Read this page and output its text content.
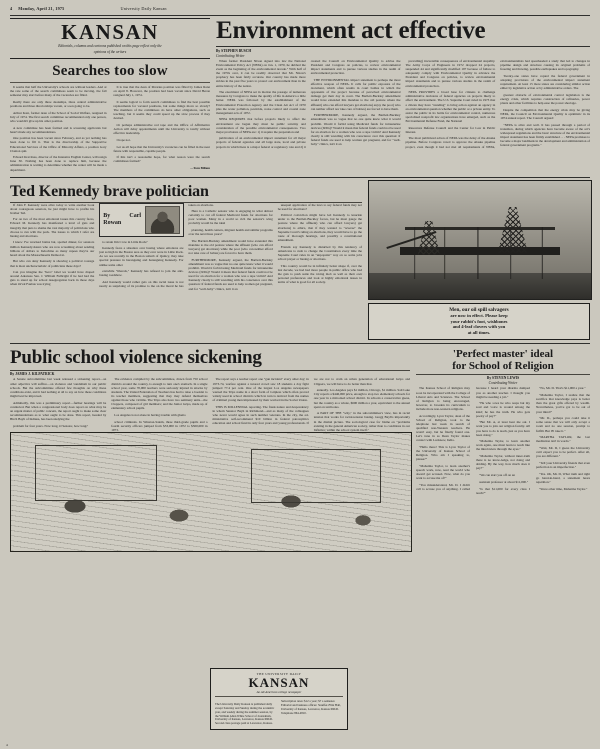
4 Monday, April 21, 1975	University Daily Kansan
KANSAN
Editorials, columns and cartoons published on this page reflect only the
opinions of the writers
Searches too slow

It seems that half the University's schools are without leaders. And at the rate some of the search committees seem to be moving, the fall semester may start before many of the vacancies are filled.

Really there are only three deanships, three central administrative positions and three directorships vacant, or soon going to be.

Arthur Katz, former dean of the School of Social Welfare, resigned in July of 1974. The first search committee recommended only one person, who wouldn't give up his other position.

A new committee has been formed and is screening applicants but hasn't made any recommendations.

One position has been vacant since February, and as yet nothing has been done to fill it. That is the directorship of the Supportive Educational Services of the Office of Minority Affairs, a position Gary Clanton quit.

Edward Kravitsas, director of the Intensive English Center, will resign June 30. Nothing has been done to replace him, because the administration is waiting to determine whether the center will be made a department.

It is true that the dean of libraries position was filled by James Ranz on April 8. However, the position had been vacant since David Heron resigned July 1, 1974.

It seems logical to form search committees to find the best possible replacements for vacated positions, but some things move so slowly? The members of the committees do have other obligations, such as teaching, but it seems they could speed up the slow process if they desired.

Or perhaps administrative red tape and the Office of Affirmative Action will delay appointments until the University is totally without effective leadership.

I hope not.

Let us all hope that the University's vacancies can be filled in the near future with responsible, capable people.

If this isn't a reasonable hope, for what reason were the search committees formed?

—Tom Billam

Environment act effective
By STEPHEN BUSCH
Contributing Writer

When former President Nixon signed into law the National Environmental Policy Act (NEPA) on Jan. 1, 1970, he dubbed the event as the beginning of the environmental decade." With half of the 1970s over, it can be readily observed that Mr. Nixon's prophecy has been fairly accurate. Our country has made more strides in the past five years to protect our environment than in the entire history of the nation.

The enactment of NEPA set in motion the passage of numerous measures by Congress to make the quality of life in America a little better. NEPA was followed by the establishment of the Environmental Protection Agency and the Clean Air Act of 1970 plus the water pollution, pesticide, noise control and coastal zone management acts of 1972.

NEPA REQUIRES that before projects likely to affect the environment are begun they must be public scrutiny and consideration of the possible environmental consequences. Two major provisions of NEPA are: 1) it require the preparation and

publication of an environmental impact statement for all major projects of federal agencies and all large state, local and private projects in which there is a major federal or regulatory role and 2) it created the Council on Environmental Quality to advise the President and Congress on policies, to review environmental impact statements and to pursue various studies in the realm of environmental protection.

THE ENVIRONMENTAL impact statement is perhaps the most effective weapon of NEPA. It calls for public exposure of the document, which often results in court battles in which the opponents of the project because of perceived environmental damage get their day in court. The Bartlett-Buckley amendment would have extended this mandate to the old posture where the affluent) who can afford lawyers get abortions) enjoy the poor) who can neither afford nor take care of babies) are forced to have them.

FURTHERMORE, Kennedy argued, the Bartlett-Buckley amendment was so vague that no one quite knew what it would prohibit. Would it forbid using Medicaid funds for intrauterine devices (IUDs)? Would it mean that federal funds could not be used for an abortion for a woman who was a rape victim? And Kennedy clearly is still wrestling with his conscience over this question: if federal funds are used to help women get pregnant, and for "well-baby" clinics, isn't it an

prevailing) irreversible consequences of environmental stupidity. The Army Corps of Engineers in 1972 dropped 24 projects, suspended 44 and significantly modified 197 because of failure to adequately comply with Environmental Quality in advance the President and Congress on policies, to review environmental impact statements and to pursue various studies in the realm of environmental protection.

NEPA PROVIDES a broad base for citizens to challenge administrative decisions of federal agencies on projects likely to affect the environment. The U.S. Supreme Court ruled in 1973 that a citizen may have "standing" to bring action against an agency in an environmental question whether the public or a private entity. To assist the public in its battle for environmental control, numerous specialized nonprofit law organizations have emerged, such as the Environmental Defense Fund, the National

Resources Defense Council and the Center for Law in Public Interest.

The most publicized action of NEPA was the delay of the Alaska pipeline. Before Congress voted to approve the Alaska pipeline project, even though it had not met all requirements of NEPA, environmentalists had spearheaded a study that led to changes in pipeline design and structure causing its original problems of freezing and thawing, possible earthquakes and topography.

Twenty-one states have copied the federal government in adopting provisions of the environmental impact statement requirement. At least 15 more states are considering similar action either by legislative action or by administrative orders. The

greatest obstacle of environmental control legislation is the energy crisis, which requires construction of refineries, power plants and other facilities to help ease the power shortage.

Despite the competition that the energy crisis may be giving NEPA, the Council on Environmental Quality is optimistic in its 1974 annual report. The Council argued:

"NEPA is alive and well. It has passed through a period of transition, during which agencies have become aware of the act's widespread regulations and the basic structure of the environmental impact statement has been firmly established . . . NEPA promises to become a major landmark in the development and administration of federal government programs."

Ted Kennedy brave politician

If John F. Kennedy were alive today to write another book about courageous senators, he just might have to profile his brother Ted.

For on two of the most emotional issues this country faces, Edward M. Kennedy has manifested a level of guts and integrity that puts to shame the vast majority of politicians who choose to run with the pack. The issues to which I refer are busing and abortions.

I know I've wracked brains but, spoiled dinner, for senators million Kennedy-haters who are now screaming about sending billions of dollars to Indochina as many rupees they're our heard about the Massachusetts Democrat.

But who can deny Kennedy is showing a political courage that is most uncharacteristic of politicians these days?

Can you imagine the "hero" label we would have draped around Arkansas Sen. J. William Fulbright if he had had the guts to stand up for school desegregation back in those days when Orval Faubus was trying

By Carl Rowan

to retain Jim Crow in Little Rock?

Kennedy faces a situation over busing where emotions are just as high in the Boston area as they ever were in Little Rock. As we see recently in the Boston suburb of Quincy, they take special pressure in haranguing and haranguing Kennedy. For unlike some other

erstwhile "liberals," Kennedy has refused to join the anti-busing roadshow.

And Kennedy would rather gets on this racial issue is not nearly as surprising of its promise to me on the moral he has taken on abortions.

Here is a Catholic senator who is engaging in what almost certainly to cut off federal Medicaid funds for abortions for poor women. Many in a world so rich the senator's wing probably would be the ideal

planning, health centers, migrant health and similar programs over the next three years?

The Bartlett-Buckley amendment would have extended this mandate to the old posture where the affluent (who can afford lawyers) get abortions) while the poor (who can neither afford nor take care of babies) are forced to have them.

FURTHERMORE, Kennedy argued, the Bartlett-Buckley amendment was so vague that no one quite knew what it would prohibit. Would it forbid using Medicaid funds for intrauterine devices (IUDs)? Would it mean that federal funds could not be used for an abortion for a woman who was a rape victim? And Kennedy clearly is still wrestling with his conscience over this question: if federal funds are used to help women get pregnant, and for "well-baby" clinics, isn't it an

unequal application of the laws to say federal funds may not be used for abortions?

Political conviction might have led Kennedy to knuckle under to the Bartlett-Buckley forces, but he must gauge the posture where the affluent) who can afford lawyers) get abortions) is ethics, that if they wanted to "reverse" the Supreme Court's ruling on abortions, they would have to go the route of thorough hearings, and possibly a constitutional amendment.

Friends say Kennedy is disturbed by this tendency of Americans to rush to change the Constitution every time the Supreme Court rules in an "unpopular" way on so some jobs school prayer or busing or abortions.

This country would be in infinitely better shape if, over the last decade, we had had more people in public office who had the guts to push aside the raving mob as well as their own personal preferences and look at highly emotional issues in terms of what is good for all society.

Men, our oil spill salvagers
are now in effect. Please keep
your rabbit's foot, wishbones
and 4-leaf clovers with you
at all times.
Public school violence sickening
By JAMES J. KILPATRICK

A Senate subcommittee last week released a sickening report—on other adjective will suffice—on violence and vandalism in our public schools. But the subcommittee offered few thoughts on why these conditions exist, and it had nothing at all to say on how these conditions might best be improved.

Admittedly, this was a preliminary report—further hearings will be conducted. But when a congressional body does report on what may be an urgent matter of public concern, the report ought to make some clear recommendations as to what ought to be done. This report, headed by Birch Bayh of Indiana, has been studying the

problem for four years. Now long, O Senator, how long?

The evidence compiled by the subcommittee, drawn from 750 school districts around the country, is enough to turn one's stomach. In a single school year, some 70,000 teachers were seriously injured in attacks by students. The United Federation of Teachers has had to raise a booklet to its teacher members, suggesting that they may defend themselves against those who victims. The Trips also have two seminary units—the Cloppers, composed of girl members; and the Junior Grips, made up of elementary school pupils.

Los Angeles is not alone in having trouble with ghetto

school criminals. In Winston-Salem, three third-grade pupils and a fourth security officers jumped from $53,000 in 1972 to $300,000 in 1973.

The report says a teacher report one "gun incident" every other day; in 1973-74, warfare against a tutored crowd saw 18 students a day fight jumped 77.4 per cent. One of the largest Los Angeles newspapers warned the Trips name in a short form of Gripless which often proved widely used in school districts which in turn is derived from the names of criminal young men imprisoned by their warlord in the Soviet Union.

THIS IS MILLENNIAL reporting. The frank nature and despondency in whom Senator Bayh in Richmond—and as many of the colleagues who never would agree in such number veterans. In the city, the ad-ministrative self-recommend $10 billion in federal patronymics education and school fund in only four years and young professionals. If we are not to cram an urban generation of educational Grips and Clippers, we will have to do better than that.

annually. Los Angeles pays $1 million, Chicago, $1 million. Salt Lake City reports a $446,000 price, enough to stop two elementary schools for one year in a mid-sized school district. In schools a conservative guess, but the country as a whole, $600 million a year, equivalent to the annual spent on textbooks.

A PART OF THE "why," in the subcommittee's view, lies in racial tension that works for racial-tension busing. Gregg Bayh's importantly in the dismal picture. The sociological case for blame on "problems existing in the general American society, rather than to conditions in our Inflative; within the school system itself."

'Perfect master' ideal
for School of Religion
By STEVEN LEWIS
Contributing Writer

The Kansas School of Religion may soon be incorporated with the College of Liberal Arts and Sciences. The School of Religion is being encouraged, however, to broaden its curriculum to include more non-western religions.

Accordingly, Lyon Taylor, dean of the School of Religion, took to the telephone last week in search of qualified non-Western teachers. He wasn't easy, but he finally found one. Let's tune in as Dean Taylor makes contact with Lucknow, India.

"Hello there! This is Lyon Taylor of the University of Kansas School of Religion. Who am I speaking to, please?"

"Mahatma Taylor, to learn another's speech work, now, read the world who doesn't get accused. Now, what do you want to accuse me of?"

"You misunderstand, Mr. D. I didn't call to accuse you of anything. I called because I heard your dharma dumped you as another teacher. I thought you might be needing a job."

"He who sows he who reaps but my soul and voice is wound among the kind; he has the truth. He who gets poetry of pay?"

"But Mr. A, at least hear me out. I want you to join our religion faculty. All you have to do is teach, just as you have been doing."

"Mahatma Taylor, to learn another work again, one must learn to teach like the mind rulers through the eyes."

"Mahatma Taylor, without inner-truth there is no know-ledge, not doing and abiding. By the way, how much does it pay?"

"We can start you off on an

assistant professor at about $11,000."

"Is that $11,000 for every class I teach?"

"No, Mr. D. That's $11,000 a year."

"Mahatma Taylor, I realize that the sacrifice that knowledge pays is better than the great gifts offered by wealth. Nevertheless, you've got to be out of your mind!"

"Mr. D., perhaps you could take it some sense that we will only accept a room and no one session, prompt to fulfill. But I'll take it."

"MARTHA TAYLOR, the last meditation isn't in words."

"Wait, Mr. D, I guess the University can't expect you to be perfect. After all, you are different."

"Tell your University friends that even perfection is an imperfection."

"Yes. Oh, Mr. D, What truth and right go hand-in-hand, a statement hears repetition."

"Since other time, Mahatma Taylor."

THE UNIVERSITY DAILY
KANSAN
An All-American college newspaper

The University Daily Kansan is published daily except Saturday and Sunday during the academic year, and weekly during the summer session, by the William Allen White School of Journalism, University of Kansas, Lawrence, Kansas 66045. Second class postage paid at Lawrence, Kansas.

Subscription rates: $12 a year; $7 a semester. Editorial and business offices: Stauffer-Flint Hall, University of Kansas, Lawrence, Kansas 66045. Telephone 864-4810.

4
